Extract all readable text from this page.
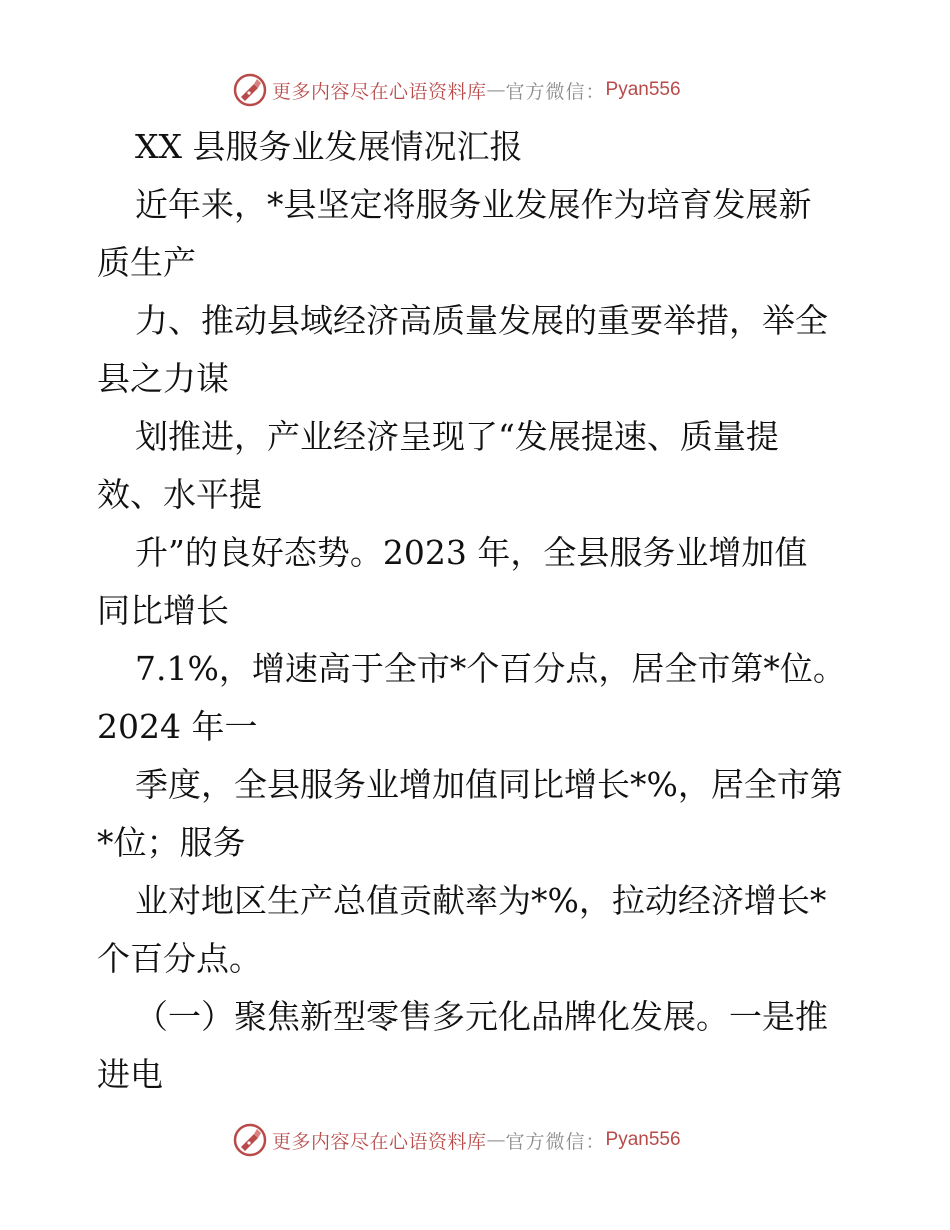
更多内容尽在心语资料库 — 官方微信： Pyan556
XX 县服务业发展情况汇报
近年来，*县坚定将服务业发展作为培育发展新
质生产
力、推动县域经济高质量发展的重要举措，举全
县之力谋
划推进，产业经济呈现了“发展提速、质量提
效、水平提
升”的良好态势。2023 年，全县服务业增加值
同比增长
7.1%，增速高于全市*个百分点，居全市第*位。
2024 年一
季度，全县服务业增加值同比增长*%，居全市第
*位；服务
业对地区生产总值贡献率为*%，拉动经济增长*
个百分点。
（一）聚焦新型零售多元化品牌化发展。一是推
进电
更多内容尽在心语资料库 — 官方微信： Pyan556
